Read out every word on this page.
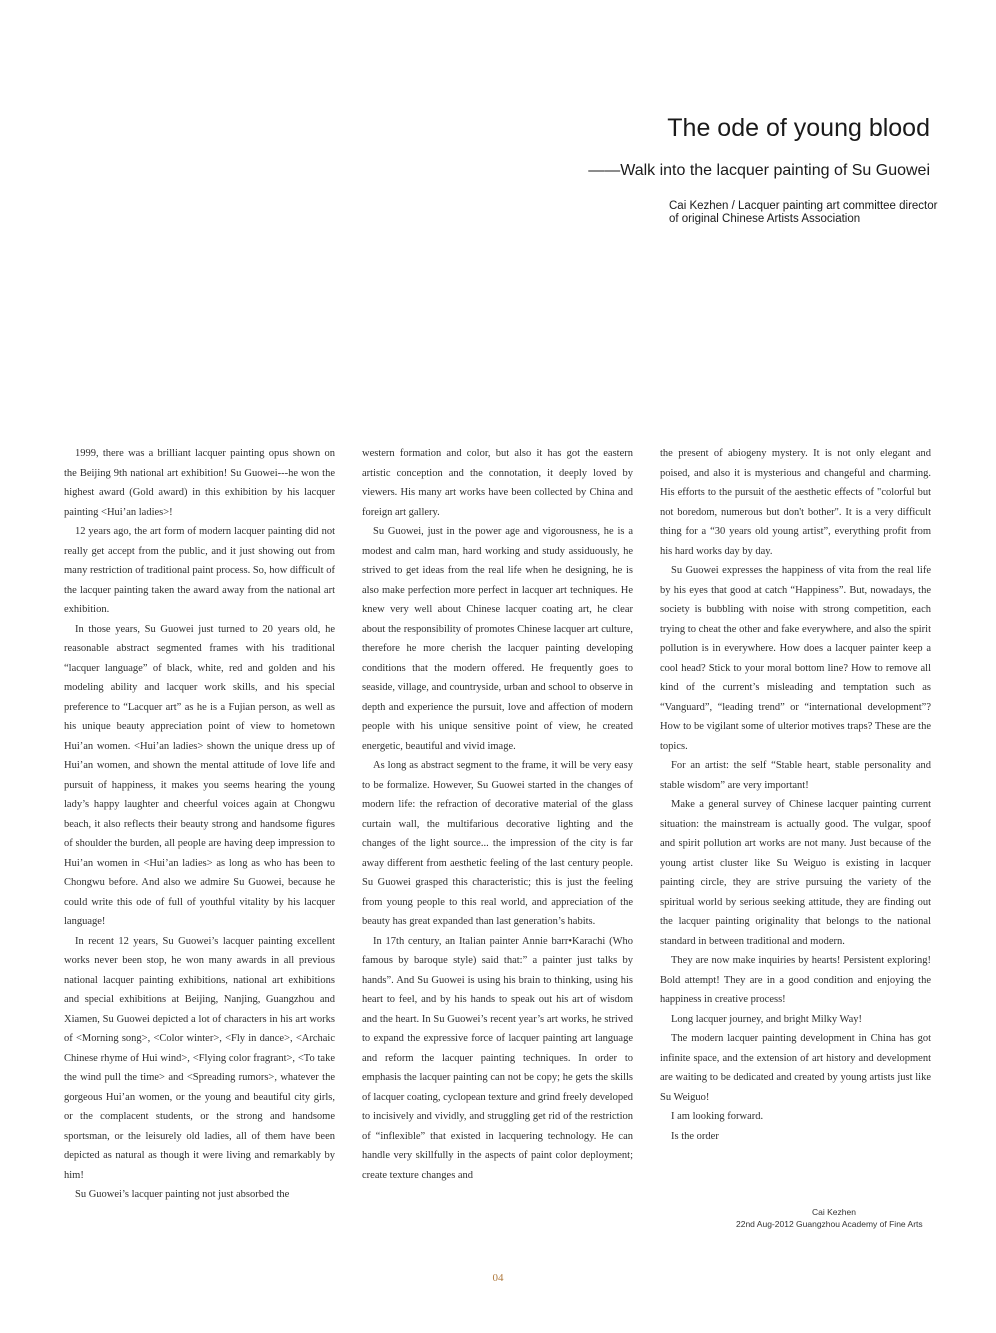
The ode of young blood
——Walk into the lacquer painting of Su Guowei
Cai Kezhen / Lacquer painting art committee director
of original Chinese Artists Association

1999, there was a brilliant lacquer painting opus shown on the Beijing 9th national art exhibition! Su Guowei---he won the highest award (Gold award) in this exhibition by his lacquer painting <Hui’an ladies>!

12 years ago, the art form of modern lacquer painting did not really get accept from the public, and it just showing out from many restriction of traditional paint process. So, how difficult of the lacquer painting taken the award away from the national art exhibition.

In those years, Su Guowei just turned to 20 years old, he reasonable abstract segmented frames with his traditional “lacquer language” of black, white, red and golden and his modeling ability and lacquer work skills, and his special preference to “Lacquer art” as he is a Fujian person, as well as his unique beauty appreciation point of view to hometown Hui’an women. <Hui’an ladies> shown the unique dress up of Hui’an women, and shown the mental attitude of love life and pursuit of happiness, it makes you seems hearing the young lady’s happy laughter and cheerful voices again at Chongwu beach, it also reflects their beauty strong and handsome figures of shoulder the burden, all people are having deep impression to Hui’an women in <Hui’an ladies> as long as who has been to Chongwu before. And also we admire Su Guowei, because he could write this ode of full of youthful vitality by his lacquer language!

In recent 12 years, Su Guowei’s lacquer painting excellent works never been stop, he won many awards in all previous national lacquer painting exhibitions, national art exhibitions and special exhibitions at Beijing, Nanjing, Guangzhou and Xiamen, Su Guowei depicted a lot of characters in his art works of <Morning song>, <Color winter>, <Fly in dance>, <Archaic Chinese rhyme of Hui wind>, <Flying color fragrant>, <To take the wind pull the time> and <Spreading rumors>, whatever the gorgeous Hui’an women, or the young and beautiful city girls, or the complacent students, or the strong and handsome sportsman, or the leisurely old ladies, all of them have been depicted as natural as though it were living and remarkably by him!

Su Guowei’s lacquer painting not just absorbed the

western formation and color, but also it has got the eastern artistic conception and the connotation, it deeply loved by viewers. His many art works have been collected by China and foreign art gallery.

Su Guowei, just in the power age and vigorousness, he is a modest and calm man, hard working and study assiduously, he strived to get ideas from the real life when he designing, he is also make perfection more perfect in lacquer art techniques. He knew very well about Chinese lacquer coating art, he clear about the responsibility of promotes Chinese lacquer art culture, therefore he more cherish the lacquer painting developing conditions that the modern offered. He frequently goes to seaside, village, and countryside, urban and school to observe in depth and experience the pursuit, love and affection of modern people with his unique sensitive point of view, he created energetic, beautiful and vivid image.

As long as abstract segment to the frame, it will be very easy to be formalize. However, Su Guowei started in the changes of modern life: the refraction of decorative material of the glass curtain wall, the multifarious decorative lighting and the changes of the light source... the impression of the city is far away different from aesthetic feeling of the last century people. Su Guowei grasped this characteristic; this is just the feeling from young people to this real world, and appreciation of the beauty has great expanded than last generation’s habits.

In 17th century, an Italian painter Annie barr•Karachi (Who famous by baroque style) said that:” a painter just talks by hands”. And Su Guowei is using his brain to thinking, using his heart to feel, and by his hands to speak out his art of wisdom and the heart. In Su Guowei’s recent year’s art works, he strived to expand the expressive force of lacquer painting art language and reform the lacquer painting techniques. In order to emphasis the lacquer painting can not be copy; he gets the skills of lacquer coating, cyclopean texture and grind freely developed to incisively and vividly, and struggling get rid of the restriction of “inflexible” that existed in lacquering technology. He can handle very skillfully in the aspects of paint color deployment; create texture changes and

the present of abiogeny mystery. It is not only elegant and poised, and also it is mysterious and changeful and charming. His efforts to the pursuit of the aesthetic effects of "colorful but not boredom, numerous but don't bother". It is a very difficult thing for a “30 years old young artist”, everything profit from his hard works day by day.

Su Guowei expresses the happiness of vita from the real life by his eyes that good at catch “Happiness”. But, nowadays, the society is bubbling with noise with strong competition, each trying to cheat the other and fake everywhere, and also the spirit pollution is in everywhere. How does a lacquer painter keep a cool head? Stick to your moral bottom line? How to remove all kind of the current’s misleading and temptation such as “Vanguard”, “leading trend” or “international development”? How to be vigilant some of ulterior motives traps? These are the topics.

For an artist: the self “Stable heart, stable personality and stable wisdom” are very important!

Make a general survey of Chinese lacquer painting current situation: the mainstream is actually good. The vulgar, spoof and spirit pollution art works are not many. Just because of the young artist cluster like Su Weiguo is existing in lacquer painting circle, they are strive pursuing the variety of the spiritual world by serious seeking attitude, they are finding out the lacquer painting originality that belongs to the national standard in between traditional and modern.

They are now make inquiries by hearts! Persistent exploring! Bold attempt! They are in a good condition and enjoying the happiness in creative process!

Long lacquer journey, and bright Milky Way!

The modern lacquer painting development in China has got infinite space, and the extension of art history and development are waiting to be dedicated and created by young artists just like Su Weiguo!

I am looking forward.

Is the order

Cai Kezhen
22nd Aug-2012 Guangzhou Academy of Fine Arts
04
